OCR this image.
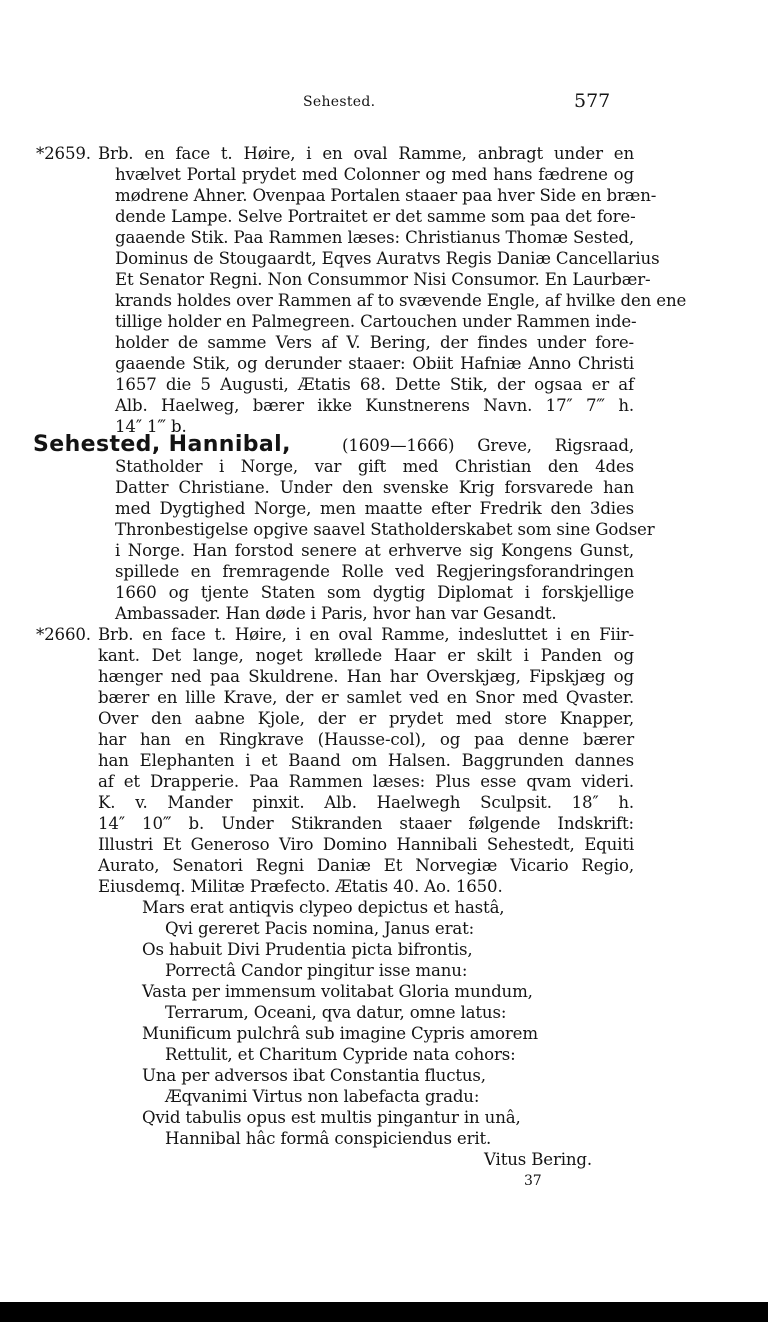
Sehested.	577
*2659. Brb. en face t. Høire, i en oval Ramme, anbragt under en
hvælvet Portal prydet med Colonner og med hans fædrene og
mødrene Ahner. Ovenpaa Portalen staaer paa hver Side en bræn-
dende Lampe. Selve Portraitet er det samme som paa det fore-
gaaende Stik. Paa Rammen læses: Christianus Thomæ Sested,
Dominus de Stougaardt, Eqves Auratvs Regis Daniæ Cancellarius
Et Senator Regni. Non Consummor Nisi Consumor. En Laurbær-
krands holdes over Rammen af to svævende Engle, af hvilke den ene
tillige holder en Palmegreen. Cartouchen under Rammen inde-
holder de samme Vers af V. Bering, der findes under fore-
gaaende Stik, og derunder staaer: Obiit Hafniæ Anno Christi
1657 die 5 Augusti, Ætatis 68. Dette Stik, der ogsaa er af
Alb. Haelweg, bærer ikke Kunstnerens Navn. 17″ 7‴ h.
14″ 1‴ b.
Sehested, Hannibal,	(1609—1666) Greve, Rigsraad,
Statholder i Norge, var gift med Christian den 4des
Datter Christiane. Under den svenske Krig forsvarede han
med Dygtighed Norge, men maatte efter Fredrik den 3dies
Thronbestigelse opgive saavel Statholderskabet som sine Godser
i Norge. Han forstod senere at erhverve sig Kongens Gunst,
spillede en fremragende Rolle ved Regjeringsforandringen
1660 og tjente Staten som dygtig Diplomat i forskjellige
Ambassader. Han døde i Paris, hvor han var Gesandt.
*2660. Brb. en face t. Høire, i en oval Ramme, indesluttet i en Fiir-
kant. Det lange, noget krøllede Haar er skilt i Panden og
hænger ned paa Skuldrene. Han har Overskjæg, Fipskjæg og
bærer en lille Krave, der er samlet ved en Snor med Qvaster.
Over den aabne Kjole, der er prydet med store Knapper,
har han en Ringkrave (Hausse-col), og paa denne bærer
han Elephanten i et Baand om Halsen. Baggrunden dannes
af et Drapperie. Paa Rammen læses: Plus esse qvam videri.
K. v. Mander pinxit. Alb. Haelwegh Sculpsit. 18″ h.
14″ 10‴ b. Under Stikranden staaer følgende Indskrift:
Illustri Et Generoso Viro Domino Hannibali Sehestedt, Equiti
Aurato, Senatori Regni Daniæ Et Norvegiæ Vicario Regio,
Eiusdemq. Militæ Præfecto. Ætatis 40. Ao. 1650.
Mars erat antiqvis clypeo depictus et hastâ,
Qvi gereret Pacis nomina, Janus erat:
Os habuit Divi Prudentia picta bifrontis,
Porrectâ Candor pingitur isse manu:
Vasta per immensum volitabat Gloria mundum,
Terrarum, Oceani, qva datur, omne latus:
Munificum pulchrâ sub imagine Cypris amorem
Rettulit, et Charitum Cypride nata cohors:
Una per adversos ibat Constantia fluctus,
Æqvanimi Virtus non labefacta gradu:
Qvid tabulis opus est multis pingantur in unâ,
Hannibal hâc formâ conspiciendus erit.
Vitus Bering.
37
